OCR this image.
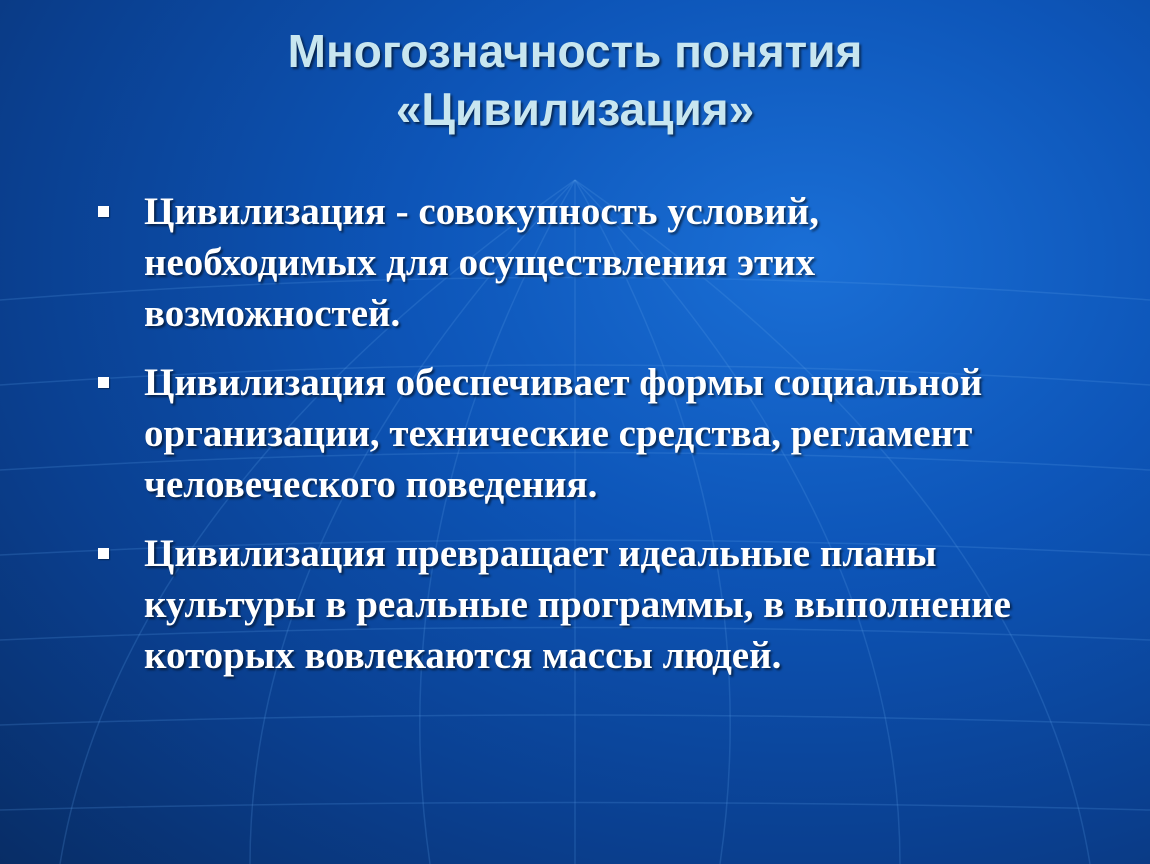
Многозначность понятия
«Цивилизация»
Цивилизация - совокупность условий, необходимых для осуществления этих возможностей.
Цивилизация обеспечивает формы социальной организации, технические средства, регламент человеческого поведения.
Цивилизация превращает идеальные планы культуры в реальные программы, в выполнение которых вовлекаются массы людей.
